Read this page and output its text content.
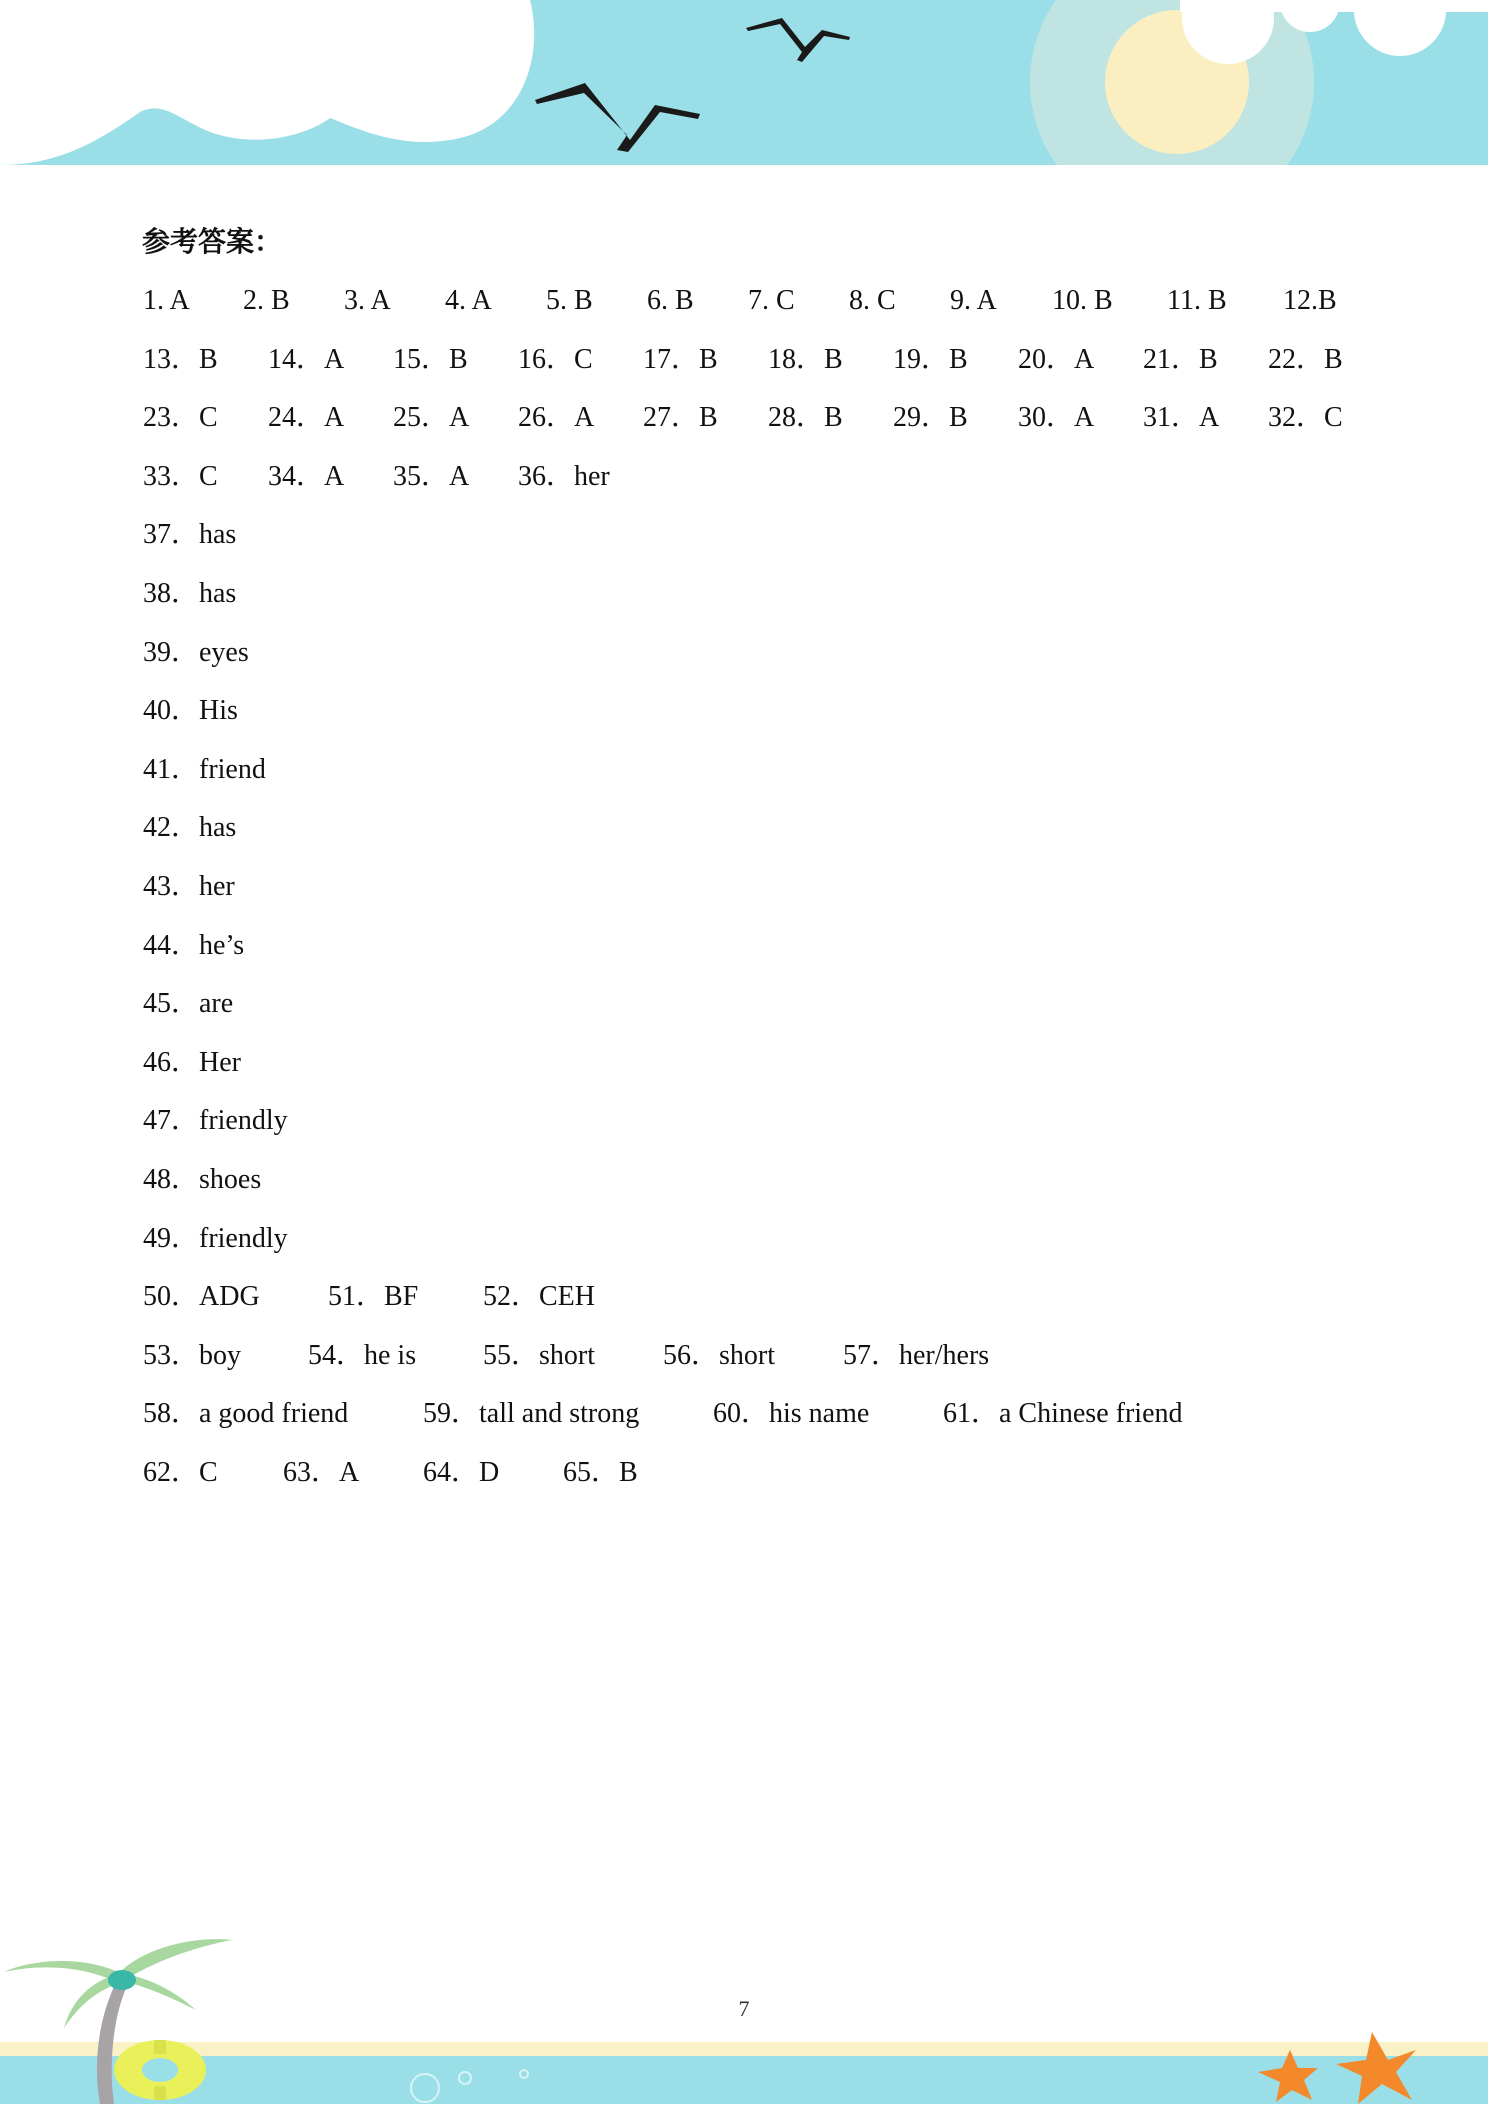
参考答案：
1. A 2. B 3. A 4. A 5. B 6. B 7. C 8. C 9. A 10. B 11. B 12.B
13．B 14．A 15．B 16．C 17．B 18．B 19．B 20．A 21．B 22．B
23．C 24．A 25．A 26．A 27．B 28．B 29．B 30．A 31．A 32．C
33．C 34．A 35．A 36．her
37．has
38．has
39．eyes
40．His
41．friend
42．has
43．her
44．he’s
45．are
46．Her
47．friendly
48．shoes
49．friendly
50．ADG 51．BF 52．CEH
53．boy 54．he is 55．short 56．short 57．her/hers
58．a good friend	59．tall and strong	60．his name	61．a Chinese friend
62．C 63．A 64．D 65．B
7
